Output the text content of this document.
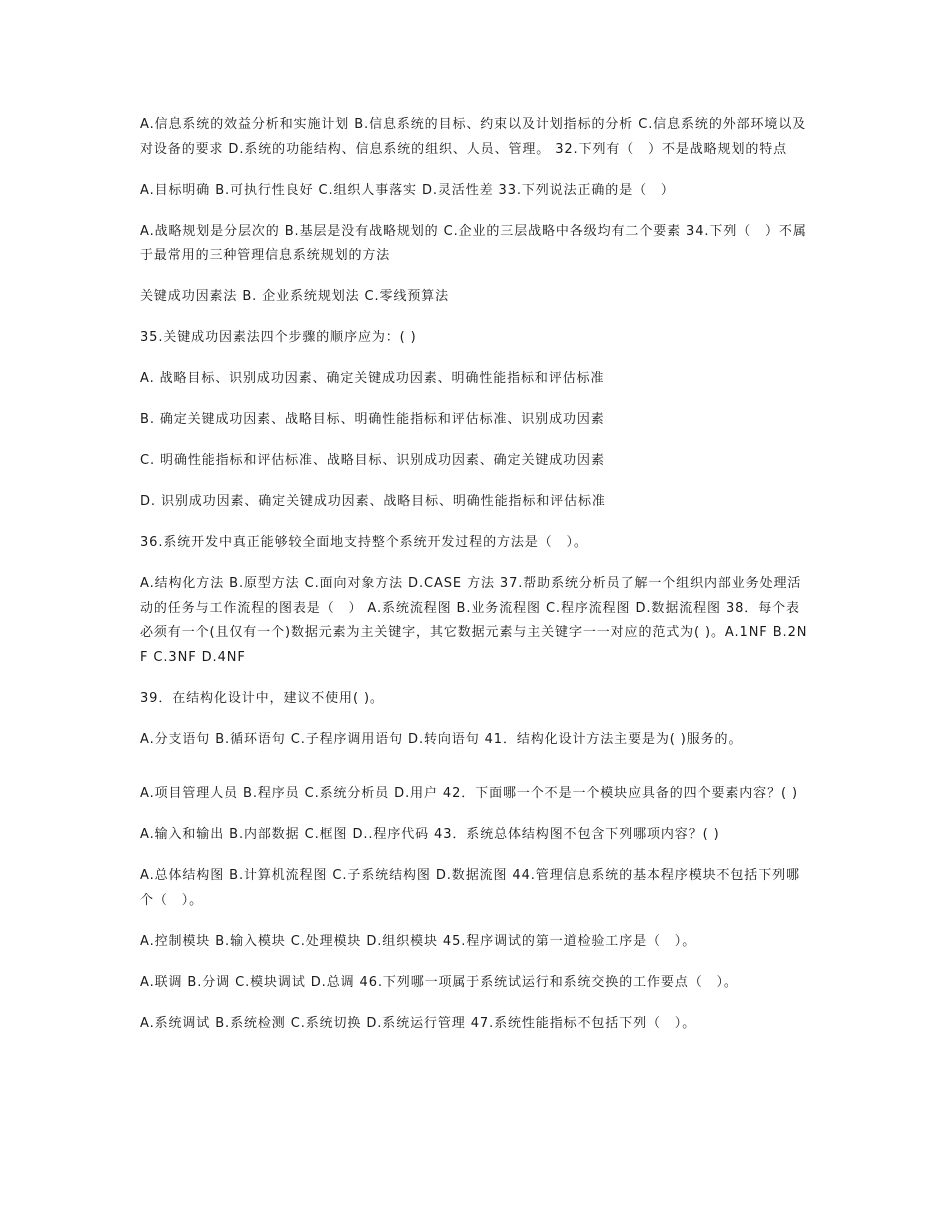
A.信息系统的效益分析和实施计划 B.信息系统的目标、约束以及计划指标的分析 C.信息系统的外部环境以及对设备的要求 D.系统的功能结构、信息系统的组织、人员、管理。 32.下列有（　）不是战略规划的特点

A.目标明确 B.可执行性良好 C.组织人事落实 D.灵活性差 33.下列说法正确的是（　）

A.战略规划是分层次的 B.基层是没有战略规划的 C.企业的三层战略中各级均有二个要素 34.下列（　）不属于最常用的三种管理信息系统规划的方法

关键成功因素法 B. 企业系统规划法 C.零线预算法

35.关键成功因素法四个步骤的顺序应为：( )

A. 战略目标、识别成功因素、确定关键成功因素、明确性能指标和评估标准

B. 确定关键成功因素、战略目标、明确性能指标和评估标准、识别成功因素

C. 明确性能指标和评估标准、战略目标、识别成功因素、确定关键成功因素

D. 识别成功因素、确定关键成功因素、战略目标、明确性能指标和评估标准

36.系统开发中真正能够较全面地支持整个系统开发过程的方法是（　）。

A.结构化方法 B.原型方法 C.面向对象方法 D.CASE 方法 37.帮助系统分析员了解一个组织内部业务处理活动的任务与工作流程的图表是（　） A.系统流程图 B.业务流程图 C.程序流程图 D.数据流程图 38．每个表必须有一个(且仅有一个)数据元素为主关键字，其它数据元素与主关键字一一对应的范式为( )。A.1NF B.2NF C.3NF D.4NF

39．在结构化设计中，建议不使用( )。

A.分支语句 B.循环语句 C.子程序调用语句 D.转向语句 41．结构化设计方法主要是为( )服务的。

A.项目管理人员 B.程序员 C.系统分析员 D.用户 42．下面哪一个不是一个模块应具备的四个要素内容？( )

A.输入和输出 B.内部数据 C.框图 D..程序代码 43．系统总体结构图不包含下列哪项内容？( )

A.总体结构图 B.计算机流程图 C.子系统结构图 D.数据流图 44.管理信息系统的基本程序模块不包括下列哪个（　）。

A.控制模块 B.输入模块 C.处理模块 D.组织模块 45.程序调试的第一道检验工序是（　）。

A.联调 B.分调 C.模块调试 D.总调 46.下列哪一项属于系统试运行和系统交换的工作要点（　）。

A.系统调试 B.系统检测 C.系统切换 D.系统运行管理 47.系统性能指标不包括下列（　）。
